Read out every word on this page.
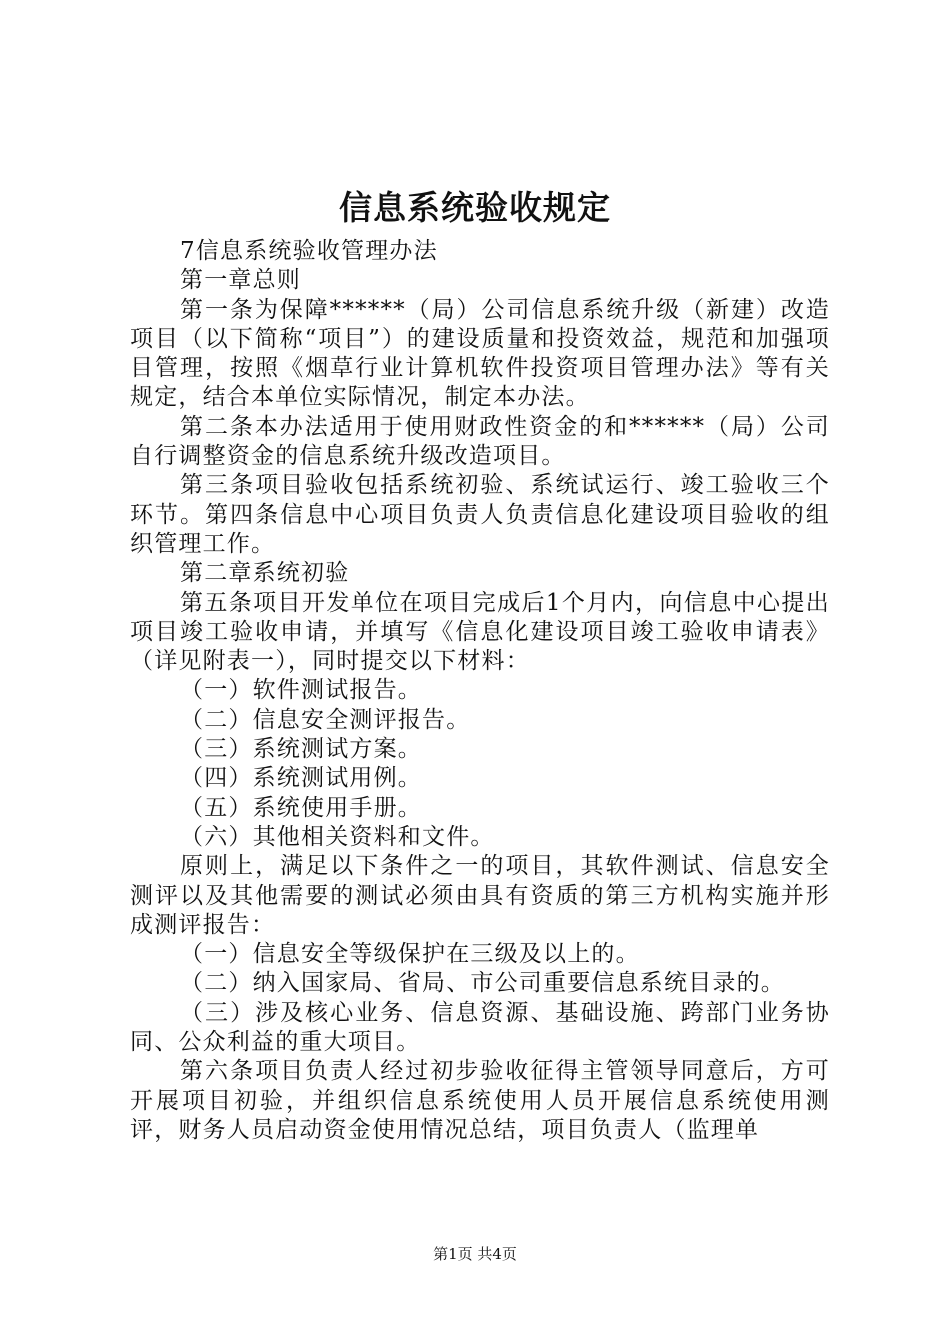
信息系统验收规定

7信息系统验收管理办法

第一章总则

第一条为保障******（局）公司信息系统升级（新建）改造项目（以下简称“项目”）的建设质量和投资效益，规范和加强项目管理，按照《烟草行业计算机软件投资项目管理办法》等有关规定，结合本单位实际情况，制定本办法。

第二条本办法适用于使用财政性资金的和******（局）公司自行调整资金的信息系统升级改造项目。

第三条项目验收包括系统初验、系统试运行、竣工验收三个环节。第四条信息中心项目负责人负责信息化建设项目验收的组织管理工作。

第二章系统初验

第五条项目开发单位在项目完成后1个月内，向信息中心提出项目竣工验收申请，并填写《信息化建设项目竣工验收申请表》（详见附表一），同时提交以下材料：

（一）软件测试报告。

（二）信息安全测评报告。

（三）系统测试方案。

（四）系统测试用例。

（五）系统使用手册。

（六）其他相关资料和文件。

原则上，满足以下条件之一的项目，其软件测试、信息安全测评以及其他需要的测试必须由具有资质的第三方机构实施并形成测评报告：

（一）信息安全等级保护在三级及以上的。

（二）纳入国家局、省局、市公司重要信息系统目录的。

（三）涉及核心业务、信息资源、基础设施、跨部门业务协同、公众利益的重大项目。

第六条项目负责人经过初步验收征得主管领导同意后，方可开展项目初验，并组织信息系统使用人员开展信息系统使用测评，财务人员启动资金使用情况总结，项目负责人（监理单

第1页 共4页
